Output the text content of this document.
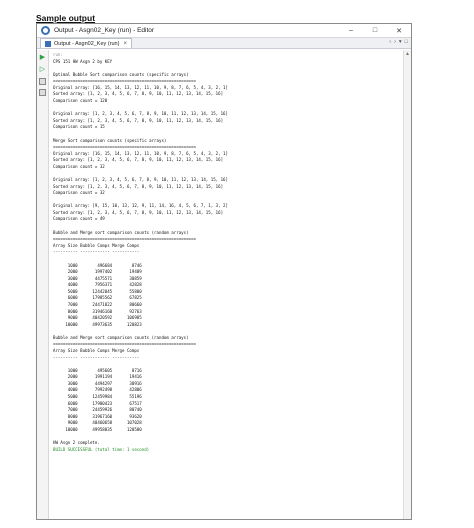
Sample output
Output - Asgn02_Key (run) - Editor	–	□	✕
Output - Asgn02_Key (run) ×	‹ › ▾ □
▶
▷
run:
CPS 151 HW Asgn 2 by KEY
Optimal Bubble Sort comparison counts (specific arrays)
==========================================================
Original array: [16, 15, 14, 13, 12, 11, 10, 9, 8, 7, 6, 5, 4, 3, 2, 1]
Sorted array: [1, 2, 3, 4, 5, 6, 7, 8, 9, 10, 11, 12, 13, 14, 15, 16]
Comparison count = 120
Original array: [1, 2, 3, 4, 5, 6, 7, 8, 9, 10, 11, 12, 13, 14, 15, 16]
Sorted array: [1, 2, 3, 4, 5, 6, 7, 8, 9, 10, 11, 12, 13, 14, 15, 16]
Comparison count = 15
Merge Sort comparison counts (specific arrays)
==========================================================
Original array: [16, 15, 14, 13, 12, 11, 10, 9, 8, 7, 6, 5, 4, 3, 2, 1]
Sorted array: [1, 2, 3, 4, 5, 6, 7, 8, 9, 10, 11, 12, 13, 14, 15, 16]
Comparison count = 32
Original array: [1, 2, 3, 4, 5, 6, 7, 8, 9, 10, 11, 12, 13, 14, 15, 16]
Sorted array: [1, 2, 3, 4, 5, 6, 7, 8, 9, 10, 11, 12, 13, 14, 15, 16]
Comparison count = 32
Original array: [9, 15, 10, 13, 12, 9, 11, 14, 16, 4, 5, 6, 7, 1, 3, 2]
Sorted array: [1, 2, 3, 4, 5, 6, 7, 8, 9, 10, 11, 12, 13, 14, 15, 16]
Comparison count = 49
Bubble and Merge sort comparison counts (random arrays)
==========================================================
Array Size Bubble Comps Merge Comps
---------- ------------ -----------
1000        496684        8746
2000       1997402       19489
3000       4475571       30859
4000       7956371       42828
5000      12442045       55800
6000      17985562       67825
7000      24471822       80660
8000      31946160       92763
9000      40420592      106985
10000      49973635      120823
Bubble and Merge sort comparison counts (random arrays)
==========================================================
Array Size Bubble Comps Merge Comps
---------- ------------ -----------
1000        495605        8716
2000       1991194       19416
3000       4494297       30916
4000       7992498       42806
5000      12459984       55196
6000      17980423       67517
7000      24459926       80740
8000      31967160       93620
9000      40460658      107028
10000      49958035      120580
HW Asgn 2 complete.
BUILD SUCCESSFUL (total time: 1 second)
▲
